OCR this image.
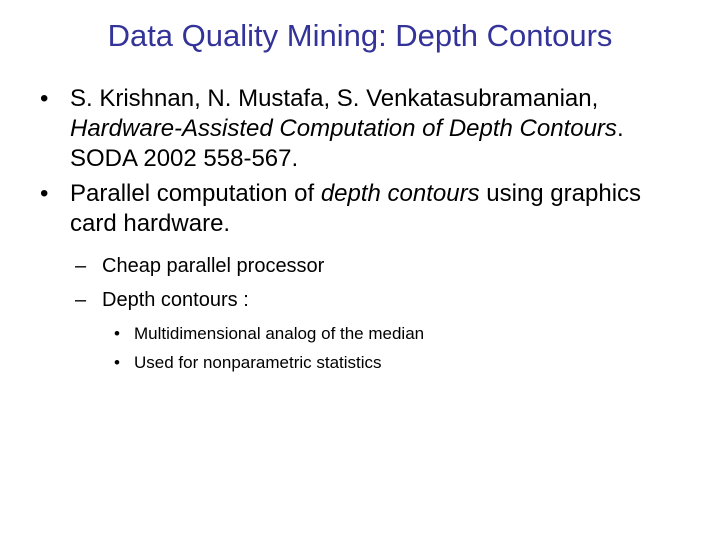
Data Quality Mining: Depth Contours
• S. Krishnan, N. Mustafa, S. Venkatasubramanian, Hardware-Assisted Computation of Depth Contours. SODA 2002 558-567.
• Parallel computation of depth contours using graphics card hardware.
– Cheap parallel processor
– Depth contours :
• Multidimensional analog of the median
• Used for nonparametric statistics
